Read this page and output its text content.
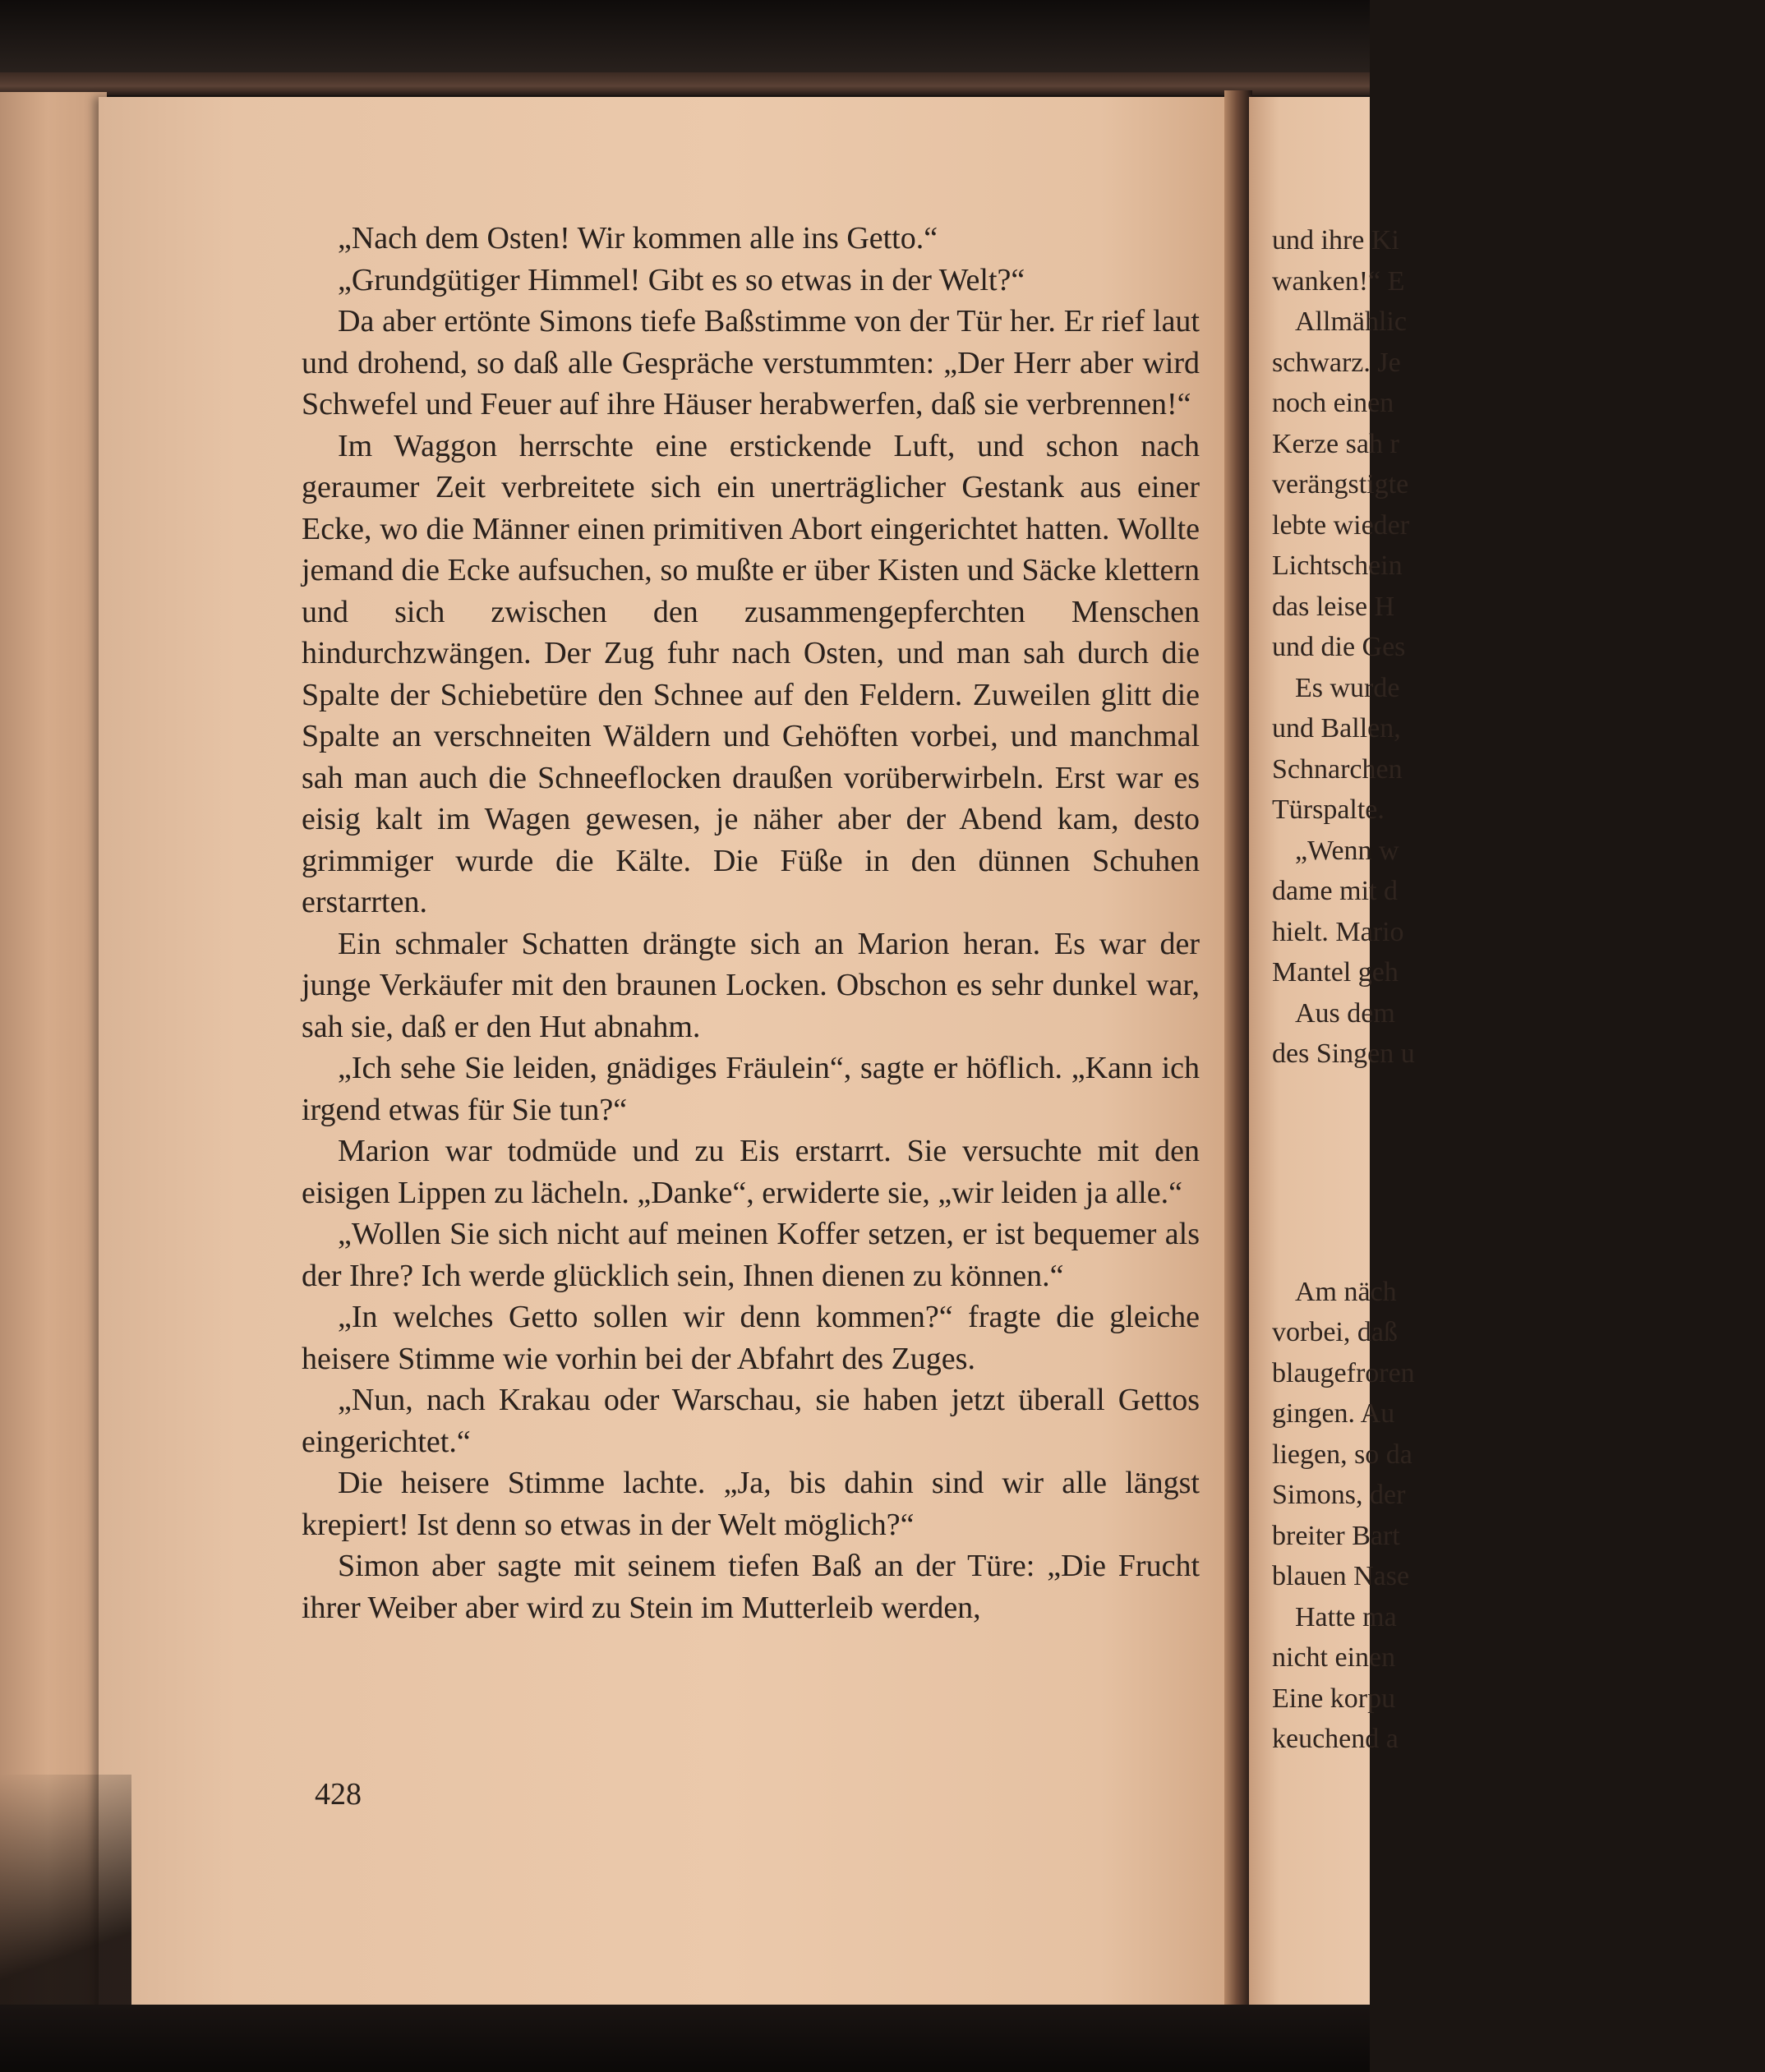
und ihre Ki
wanken!“ E
Allmählic
schwarz. Je
noch einen
Kerze sah r
verängstigte
lebte wieder
Lichtschein
das leise H
und die Ges
Es wurde
und Ballen,
Schnarchen
Türspalte.
„Wenn w
dame mit d
hielt. Mario
Mantel geh
Aus dem
des Singen u
Am näch
vorbei, daß
blaugefroren
gingen. Au
liegen, so da
Simons, der
breiter Bart
blauen Nase
Hatte ma
nicht einen
Eine korpu
keuchend a

„Nach dem Osten! Wir kommen alle ins Getto.“

„Grundgütiger Himmel! Gibt es so etwas in der Welt?“

Da aber ertönte Simons tiefe Baßstimme von der Tür her. Er rief laut und drohend, so daß alle Gespräche verstummten: „Der Herr aber wird Schwefel und Feuer auf ihre Häuser herabwerfen, daß sie verbrennen!“

Im Waggon herrschte eine erstickende Luft, und schon nach geraumer Zeit verbreitete sich ein unerträglicher Gestank aus einer Ecke, wo die Männer einen primitiven Abort eingerichtet hatten. Wollte jemand die Ecke aufsuchen, so mußte er über Kisten und Säcke klettern und sich zwischen den zusammengepferchten Menschen hindurchzwängen. Der Zug fuhr nach Osten, und man sah durch die Spalte der Schiebetüre den Schnee auf den Feldern. Zuweilen glitt die Spalte an verschneiten Wäldern und Gehöften vorbei, und manchmal sah man auch die Schneeflocken draußen vorüberwirbeln. Erst war es eisig kalt im Wagen gewesen, je näher aber der Abend kam, desto grimmiger wurde die Kälte. Die Füße in den dünnen Schuhen erstarrten.

Ein schmaler Schatten drängte sich an Marion heran. Es war der junge Verkäufer mit den braunen Locken. Obschon es sehr dunkel war, sah sie, daß er den Hut abnahm.

„Ich sehe Sie leiden, gnädiges Fräulein“, sagte er höflich. „Kann ich irgend etwas für Sie tun?“

Marion war todmüde und zu Eis erstarrt. Sie versuchte mit den eisigen Lippen zu lächeln. „Danke“, erwiderte sie, „wir leiden ja alle.“

„Wollen Sie sich nicht auf meinen Koffer setzen, er ist bequemer als der Ihre? Ich werde glücklich sein, Ihnen dienen zu können.“

„In welches Getto sollen wir denn kommen?“ fragte die gleiche heisere Stimme wie vorhin bei der Abfahrt des Zuges.

„Nun, nach Krakau oder Warschau, sie haben jetzt überall Gettos eingerichtet.“

Die heisere Stimme lachte. „Ja, bis dahin sind wir alle längst krepiert! Ist denn so etwas in der Welt möglich?“

Simon aber sagte mit seinem tiefen Baß an der Türe: „Die Frucht ihrer Weiber aber wird zu Stein im Mutterleib werden,

428
